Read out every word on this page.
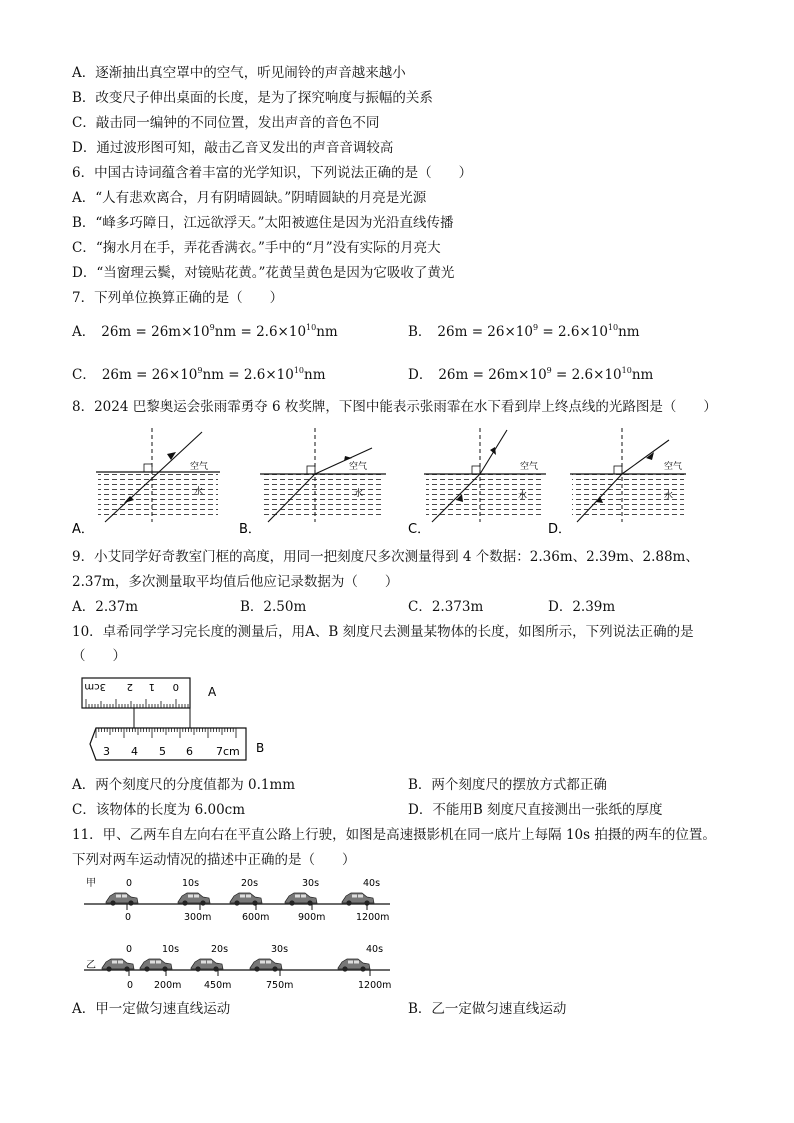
A．逐渐抽出真空罩中的空气，听见闹铃的声音越来越小
B．改变尺子伸出桌面的长度，是为了探究响度与振幅的关系
C．敲击同一编钟的不同位置，发出声音的音色不同
D．通过波形图可知，敲击乙音叉发出的声音音调较高
6．中国古诗词蕴含着丰富的光学知识，下列说法正确的是（　　）
A．“人有悲欢离合，月有阴晴圆缺。”阴晴圆缺的月亮是光源
B．“峰多巧障日，江远欲浮天。”太阳被遮住是因为光沿直线传播
C．“掬水月在手，弄花香满衣。”手中的“月”没有实际的月亮大
D．“当窗理云鬓，对镜贴花黄。”花黄呈黄色是因为它吸收了黄光
7．下列单位换算正确的是（　　）
A． $26m = 26m\times 10^9nm = 2.6\times 10^{10}nm$	B． $26m = 26\times 10^9 = 2.6\times 10^{10}nm$
C． $26m = 26\times 10^9nm = 2.6\times 10^{10}nm$	D． $26m = 26m\times 10^9 = 2.6\times 10^{10}nm$
8．2024 巴黎奥运会张雨霏勇夺 6 枚奖牌，下图中能表示张雨霏在水下看到岸上终点线的光路图是（　　）
空气
水
A．
空气
水
B．
空气
水
C．
空气
水
D．
9．小艾同学好奇教室门框的高度，用同一把刻度尺多次测量得到 4 个数据：2.36m、2.39m、2.88m、
2.37m，多次测量取平均值后他应记录数据为（　　）
A．2.37m	B．2.50m	C．2.373m	D．2.39m
10．卓希同学学习完长度的测量后，用A、B 刻度尺去测量某物体的长度，如图所示，下列说法正确的是
（　　）
3cm 2 1 0 A
3 4 5 6 7cm B
A．两个刻度尺的分度值都为 0.1mm	B．两个刻度尺的摆放方式都正确
C．该物体的长度为 6.00cm	D．不能用B 刻度尺直接测出一张纸的厚度
11．甲、乙两车自左向右在平直公路上行驶，如图是高速摄影机在同一底片上每隔 10s 拍摄的两车的位置。
下列对两车运动情况的描述中正确的是（　　）
甲	0	10s	20s	30s	40s
0	300m	600m	900m	1200m
乙
0	10s	20s	30s	40s
0 200m 450m	750m	1200m
A．甲一定做匀速直线运动	B．乙一定做匀速直线运动
